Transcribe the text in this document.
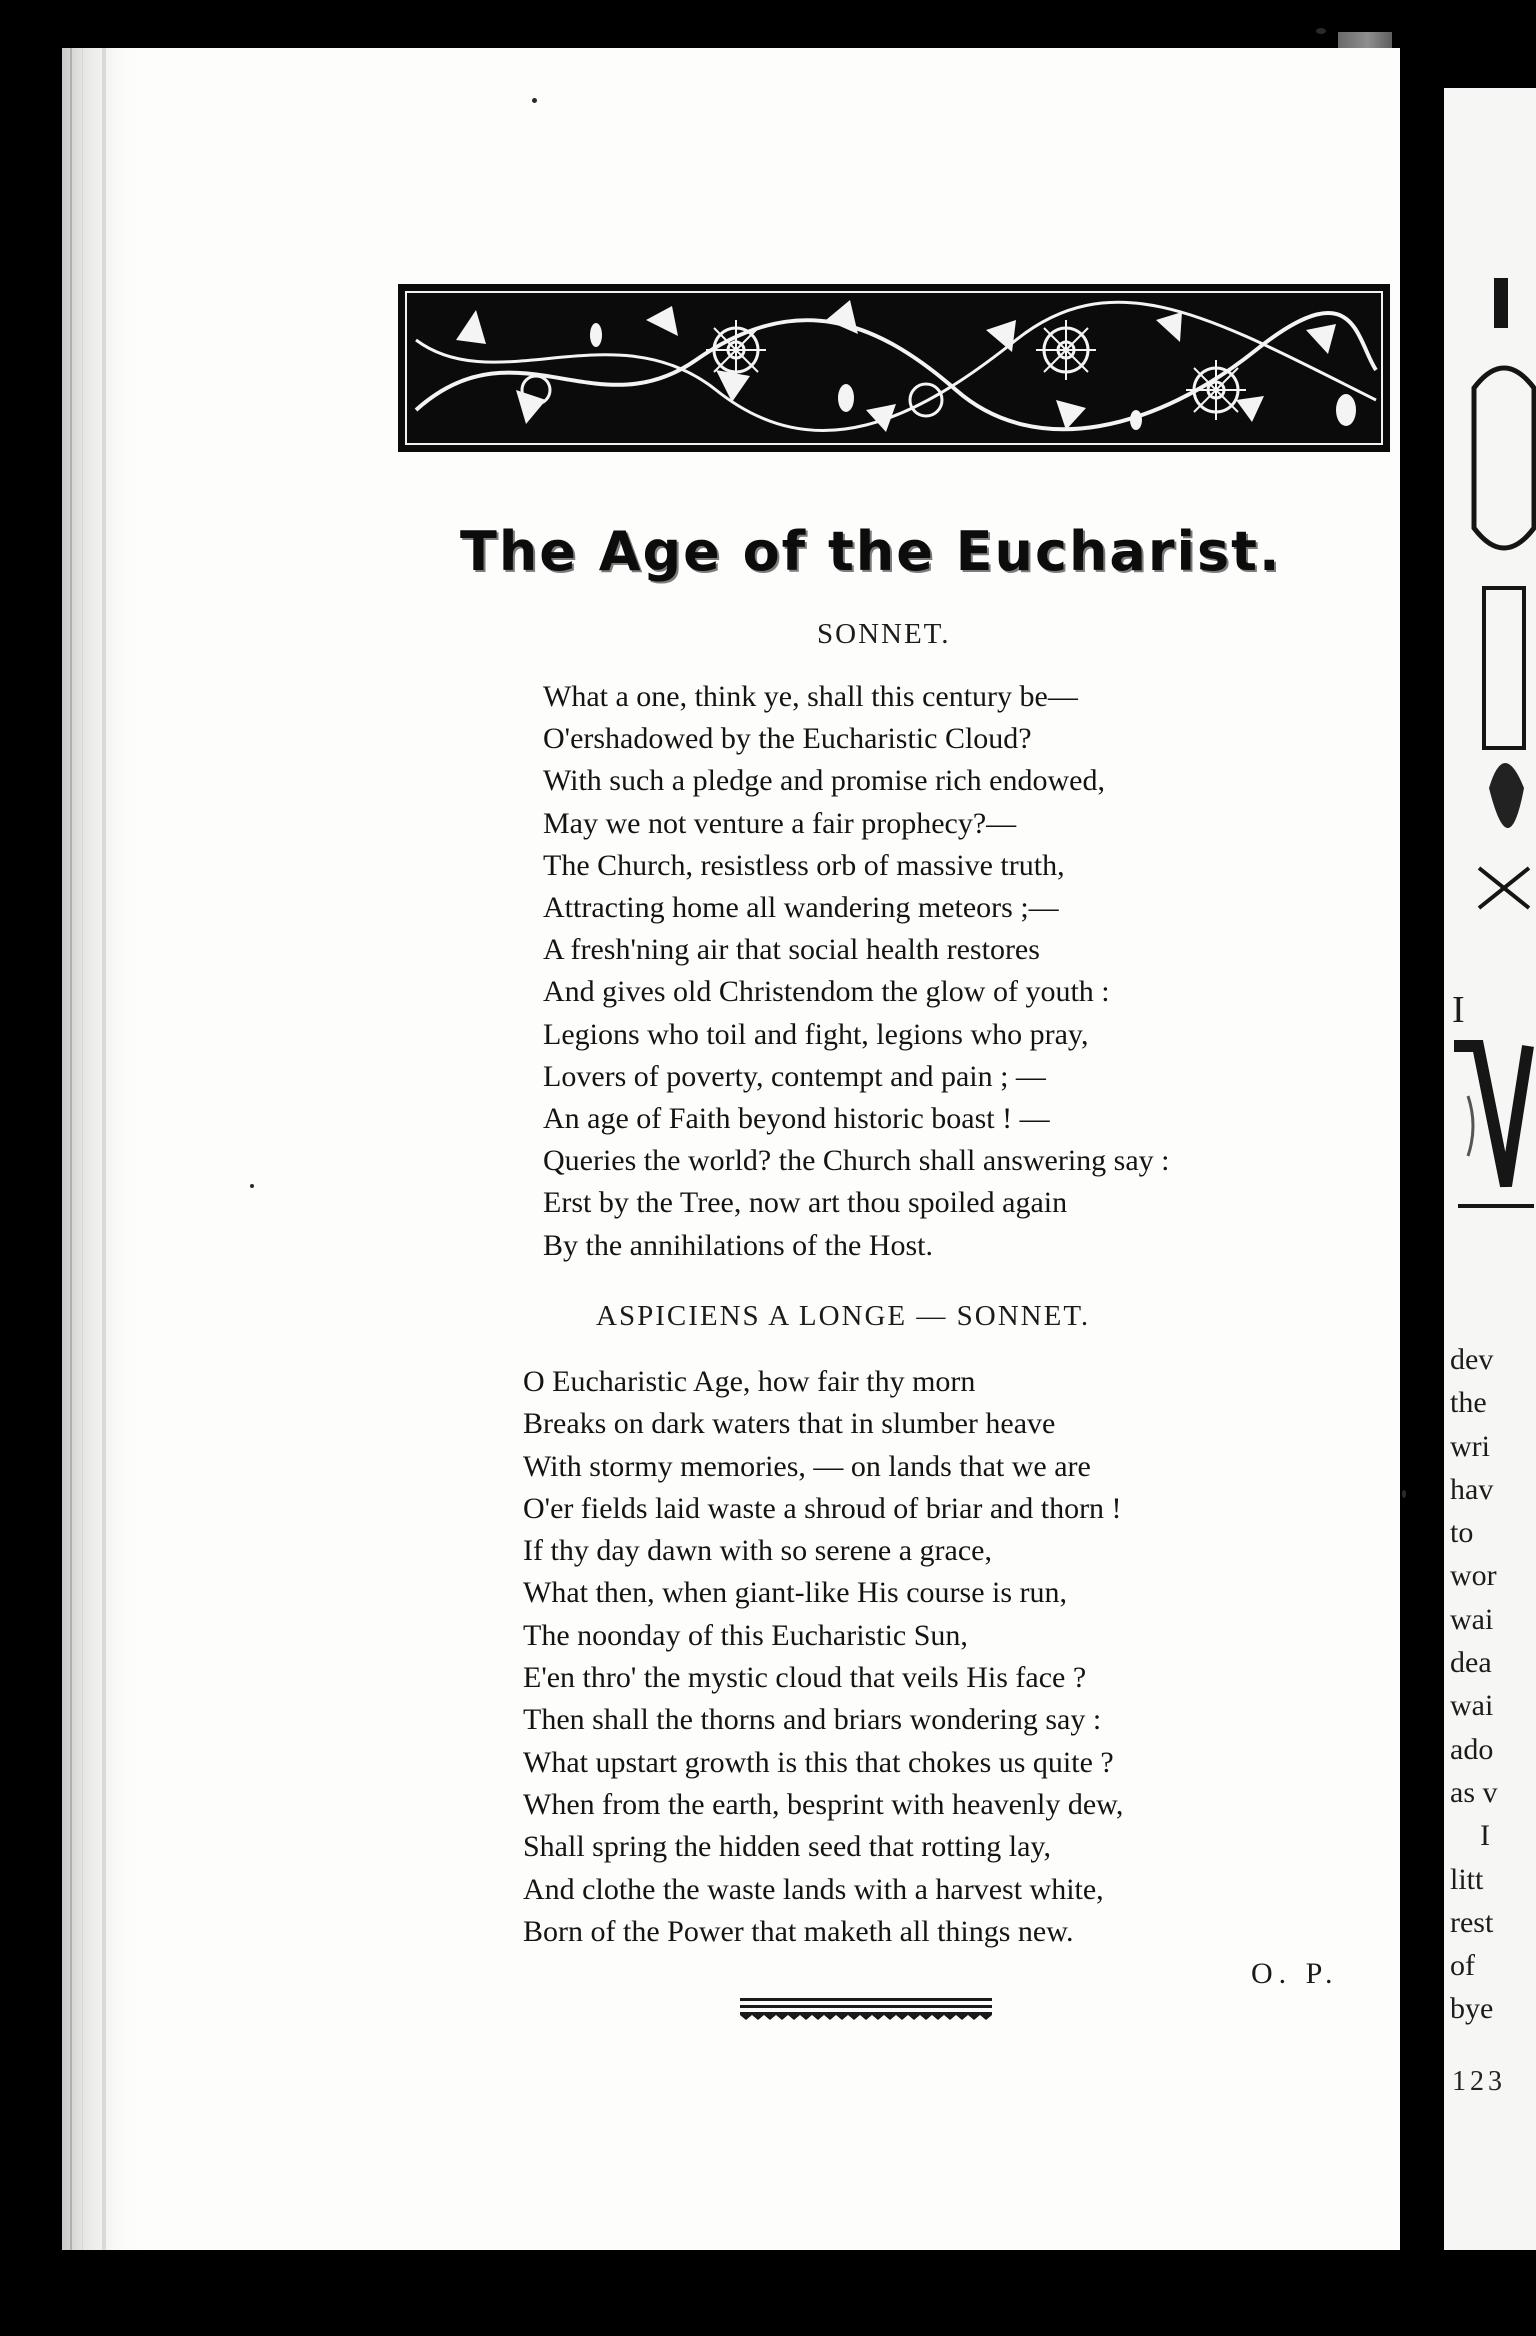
I
dev
the
wri
hav
to
wor
wai
dea
wai
ado
as v
I
litt
rest
of
bye
123
The Age of the Eucharist.
SONNET.
What a one, think ye, shall this century be—
O'ershadowed by the Eucharistic Cloud?
With such a pledge and promise rich endowed,
May we not venture a fair prophecy?—
The Church, resistless orb of massive truth,
Attracting home all wandering meteors ;—
A fresh'ning air that social health restores
And gives old Christendom the glow of youth :
Legions who toil and fight, legions who pray,
Lovers of poverty, contempt and pain ; —
An age of Faith beyond historic boast ! —
Queries the world? the Church shall answering say :
Erst by the Tree, now art thou spoiled again
By the annihilations of the Host.
ASPICIENS A LONGE — SONNET.
O Eucharistic Age, how fair thy morn
Breaks on dark waters that in slumber heave
With stormy memories, — on lands that we are
O'er fields laid waste a shroud of briar and thorn !
If thy day dawn with so serene a grace,
What then, when giant-like His course is run,
The noonday of this Eucharistic Sun,
E'en thro' the mystic cloud that veils His face ?
Then shall the thorns and briars wondering say :
What upstart growth is this that chokes us quite ?
When from the earth, besprint with heavenly dew,
Shall spring the hidden seed that rotting lay,
And clothe the waste lands with a harvest white,
Born of the Power that maketh all things new.
O. P.
